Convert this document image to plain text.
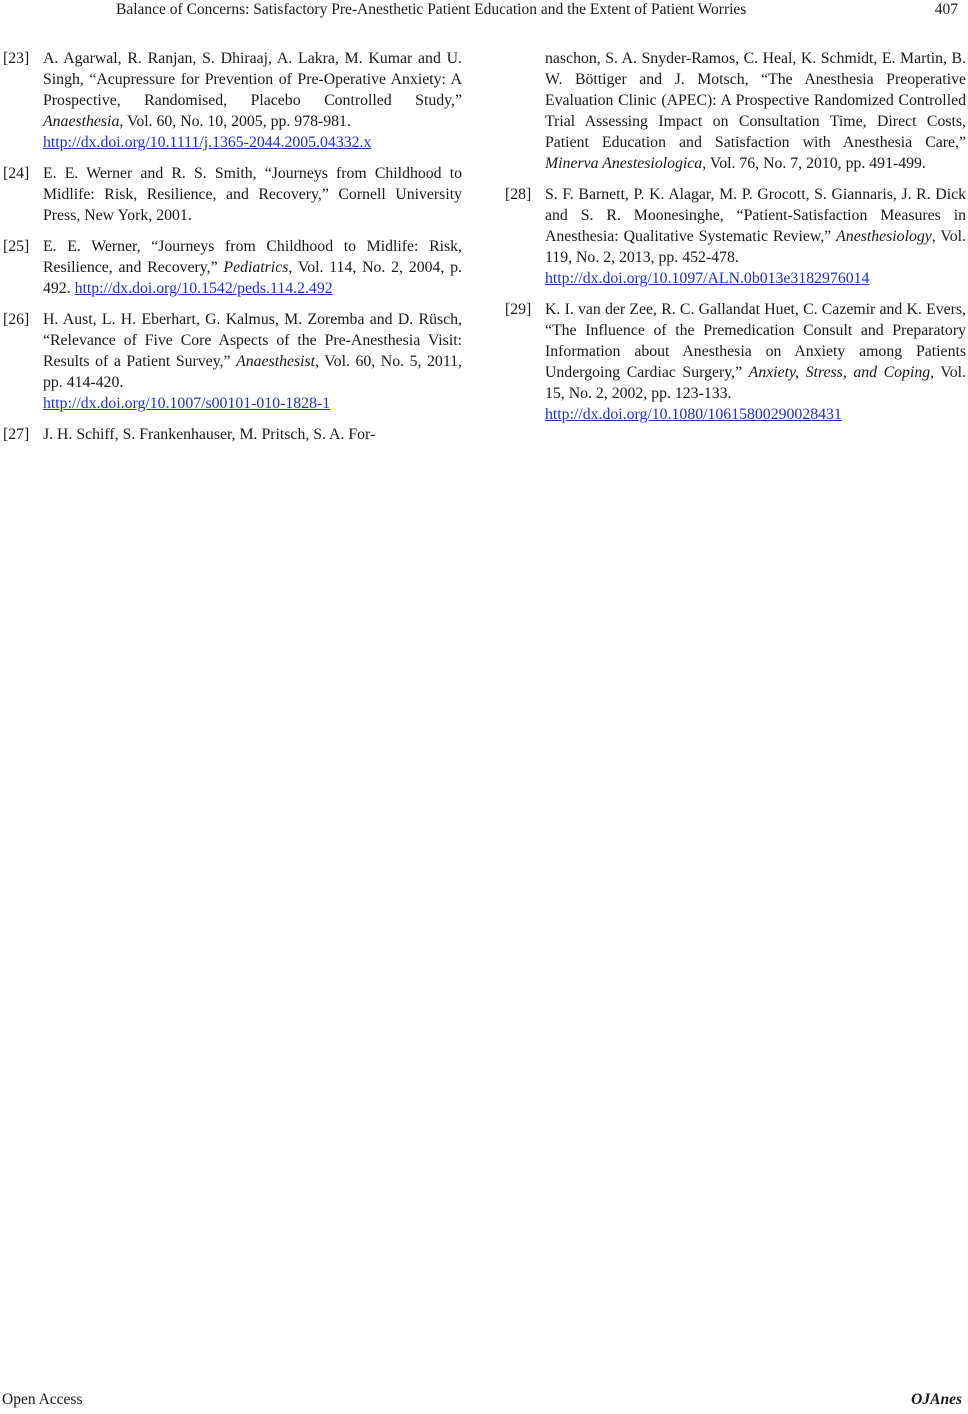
Balance of Concerns: Satisfactory Pre-Anesthetic Patient Education and the Extent of Patient Worries	407
[23] A. Agarwal, R. Ranjan, S. Dhiraaj, A. Lakra, M. Kumar and U. Singh, “Acupressure for Prevention of Pre-Operative Anxiety: A Prospective, Randomised, Placebo Controlled Study,” Anaesthesia, Vol. 60, No. 10, 2005, pp. 978-981.
http://dx.doi.org/10.1111/j.1365-2044.2005.04332.x
[24] E. E. Werner and R. S. Smith, “Journeys from Childhood to Midlife: Risk, Resilience, and Recovery,” Cornell University Press, New York, 2001.
[25] E. E. Werner, “Journeys from Childhood to Midlife: Risk, Resilience, and Recovery,” Pediatrics, Vol. 114, No. 2, 2004, p. 492. http://dx.doi.org/10.1542/peds.114.2.492
[26] H. Aust, L. H. Eberhart, G. Kalmus, M. Zoremba and D. Rüsch, “Relevance of Five Core Aspects of the Pre-Anesthesia Visit: Results of a Patient Survey,” Anaesthesist, Vol. 60, No. 5, 2011, pp. 414-420.
http://dx.doi.org/10.1007/s00101-010-1828-1
[27] J. H. Schiff, S. Frankenhauser, M. Pritsch, S. A. For-
naschon, S. A. Snyder-Ramos, C. Heal, K. Schmidt, E. Martin, B. W. Böttiger and J. Motsch, “The Anesthesia Preoperative Evaluation Clinic (APEC): A Prospective Randomized Controlled Trial Assessing Impact on Consultation Time, Direct Costs, Patient Education and Satisfaction with Anesthesia Care,” Minerva Anestesiologica, Vol. 76, No. 7, 2010, pp. 491-499.
[28] S. F. Barnett, P. K. Alagar, M. P. Grocott, S. Giannaris, J. R. Dick and S. R. Moonesinghe, “Patient-Satisfaction Measures in Anesthesia: Qualitative Systematic Review,” Anesthesiology, Vol. 119, No. 2, 2013, pp. 452-478.
http://dx.doi.org/10.1097/ALN.0b013e3182976014
[29] K. I. van der Zee, R. C. Gallandat Huet, C. Cazemir and K. Evers, “The Influence of the Premedication Consult and Preparatory Information about Anesthesia on Anxiety among Patients Undergoing Cardiac Surgery,” Anxiety, Stress, and Coping, Vol. 15, No. 2, 2002, pp. 123-133.
http://dx.doi.org/10.1080/10615800290028431
Open Access	OJAnes
